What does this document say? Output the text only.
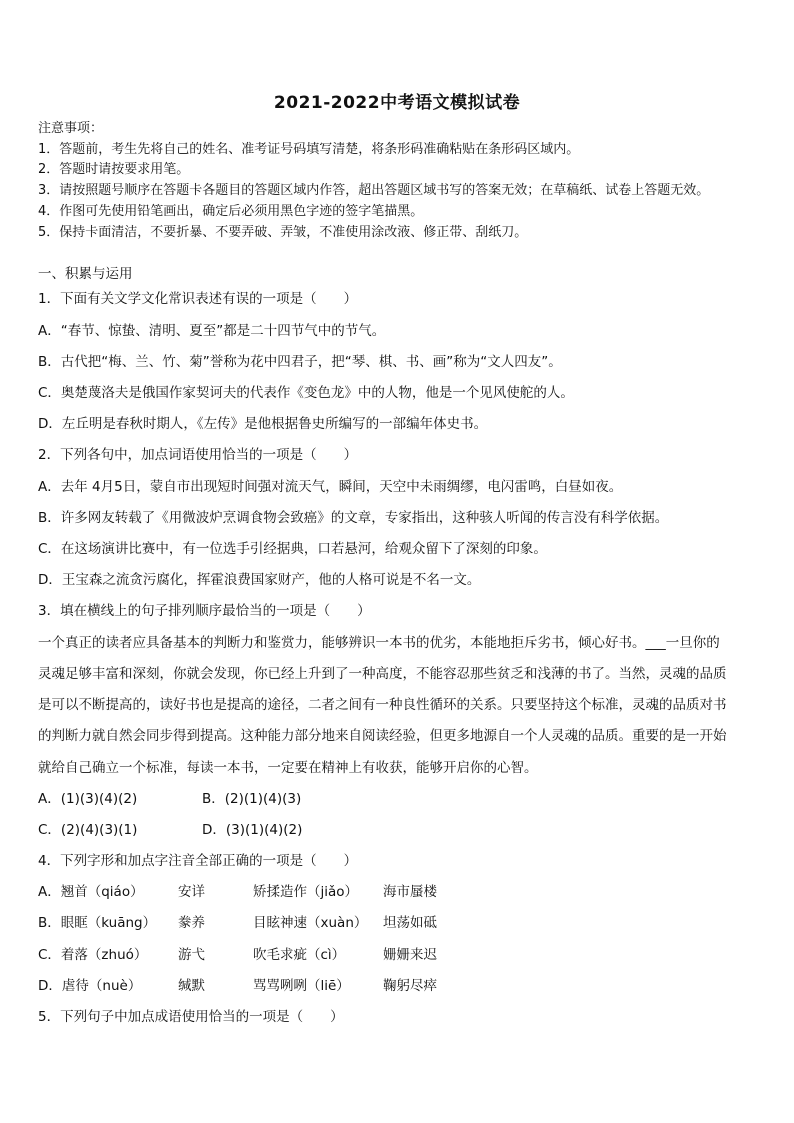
2021-2022中考语文模拟试卷
注意事项：
1．答题前，考生先将自己的姓名、准考证号码填写清楚，将条形码准确粘贴在条形码区域内。
2．答题时请按要求用笔。
3．请按照题号顺序在答题卡各题目的答题区域内作答，超出答题区域书写的答案无效；在草稿纸、试卷上答题无效。
4．作图可先使用铅笔画出，确定后必须用黑色字迹的签字笔描黑。
5．保持卡面清洁，不要折暴、不要弄破、弄皱，不准使用涂改液、修正带、刮纸刀。
一、积累与运用
1．下面有关文学文化常识表述有误的一项是（　　）
A．“春节、惊蛰、清明、夏至”都是二十四节气中的节气。
B．古代把“梅、兰、竹、菊”誉称为花中四君子，把“琴、棋、书、画”称为“文人四友”。
C．奥楚蔑洛夫是俄国作家契诃夫的代表作《变色龙》中的人物，他是一个见风使舵的人。
D．左丘明是春秋时期人，《左传》是他根据鲁史所编写的一部编年体史书。
2．下列各句中，加点词语使用恰当的一项是（　　）
A．去年 4月5日，蒙自市出现短时间强对流天气，瞬间，天空中未雨绸缪，电闪雷鸣，白昼如夜。
B．许多网友转载了《用微波炉烹调食物会致癌》的文章，专家指出，这种骇人听闻的传言没有科学依据。
C．在这场演讲比赛中，有一位选手引经据典，口若悬河，给观众留下了深刻的印象。
D．王宝森之流贪污腐化，挥霍浪费国家财产，他的人格可说是不名一文。
3．填在横线上的句子排列顺序最恰当的一项是（　　）
一个真正的读者应具备基本的判断力和鉴赏力，能够辨识一本书的优劣，本能地拒斥劣书，倾心好书。___一旦你的
灵魂足够丰富和深刻，你就会发现，你已经上升到了一种高度，不能容忍那些贫乏和浅薄的书了。当然，灵魂的品质
是可以不断提高的，读好书也是提高的途径，二者之间有一种良性循环的关系。只要坚持这个标准，灵魂的品质对书
的判断力就自然会同步得到提高。这种能力部分地来自阅读经验，但更多地源自一个人灵魂的品质。重要的是一开始
就给自己确立一个标准，每读一本书，一定要在精神上有收获，能够开启你的心智。
A．(1)(3)(4)(2)	B．(2)(1)(4)(3)
C．(2)(4)(3)(1)	D．(3)(1)(4)(2)
4．下列字形和加点字注音全部正确的一项是（　　）
A．翘首（qiáo）	安详	矫揉造作（jiǎo） 海市蜃楼
B．眼眶（kuāng） 豢养	目眩神速（xuàn） 坦荡如砥
C．着落（zhuó） 游弋	吹毛求疵（cì）	姗姗来迟
D．虐待（nuè）	缄默	骂骂咧咧（liē） 鞠躬尽瘁
5．下列句子中加点成语使用恰当的一项是（　　）
